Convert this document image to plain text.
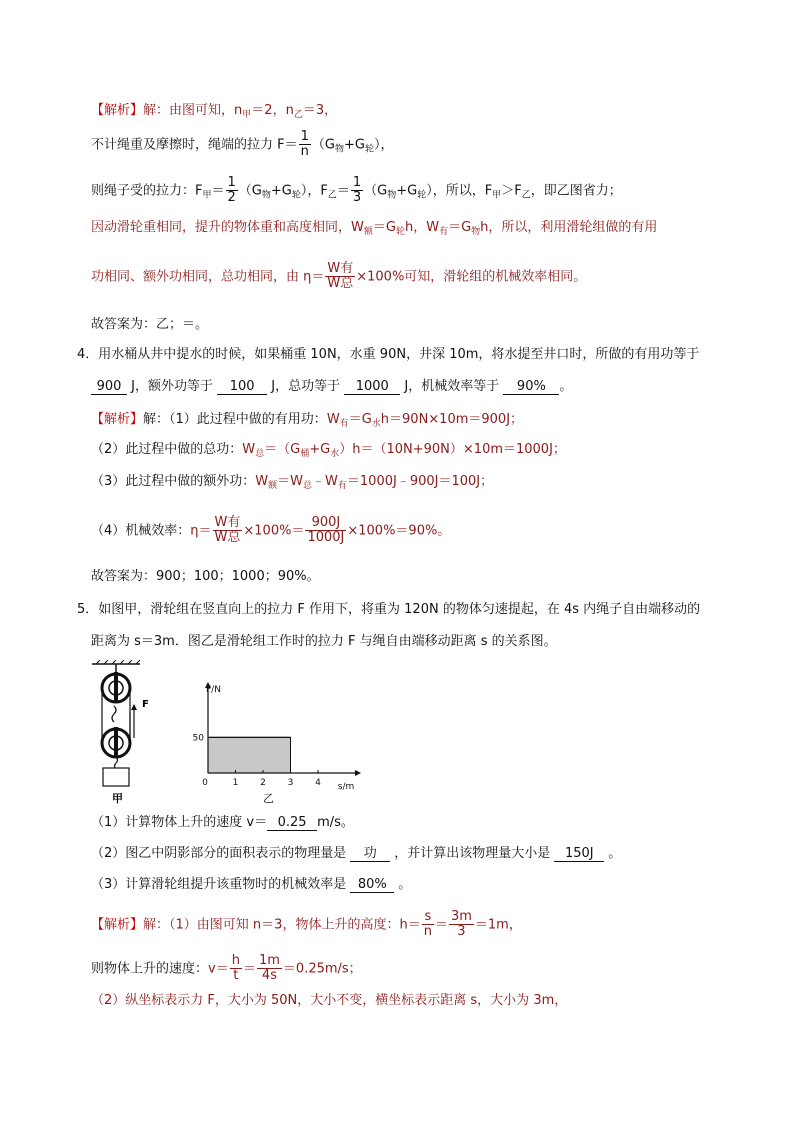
【解析】解：由图可知，$n_甲=2$，$n_乙=3$，
不计绳重及摩擦时，绳端的拉力 $F= \frac{1}{n} (G_物+G_轮)$，
则绳子受的拉力：$F_甲= \frac{1}{2} (G_物+G_轮)$，$F_乙= \frac{1}{3} (G_物+G_轮)$，所以，$F_甲>F_乙$，即乙图省力；
因动滑轮重相同，提升的物体重和高度相同，$W_额=G_轮h$，$W_有=G_物h$，所以，利用滑轮组做的有用
功相同、额外功相同，总功相同，由 $\eta= \frac{\text{W有}}{\text{W总}} \times 100\%$可知，滑轮组的机械效率相同。
故答案为：乙；＝。
4．用水桶从井中提水的时候，如果桶重 10N，水重 90N，井深 10m，将水提至井口时，所做的有用功等于
900 J，额外功等于 100 J，总功等于 1000 J，机械效率等于 90% 。
【解析】解：（1）此过程中做的有用功：$W_有=G_水h=90N\times 10m=900J$；
（2）此过程中做的总功：$W_总=(G_桶+G_水)h=(10N+90N)\times 10m=1000J$；
（3）此过程中做的额外功：$W_额=W_总﹣W_有=1000J﹣900J=100J$；
（4）机械效率：$\eta= \frac{\text{W有}}{\text{W总}} \times 100\%= \frac{900J}{1000J} \times 100\%=90\%$。
故答案为：900；100；1000；90%。
5．如图甲，滑轮组在竖直向上的拉力 F 作用下，将重为 120N 的物体匀速提起，在 4s 内绳子自由端移动的
距离为 s＝3m．图乙是滑轮组工作时的拉力 F 与绳自由端移动距离 s 的关系图。
F
甲
F/N
s/m
0	1 2 3 4
50
乙
（1）计算物体上升的速度 v＝ 0.25 m/s。
（2）图乙中阴影部分的面积表示的物理量是 功 ，并计算出该物理量大小是 150J 。
（3）计算滑轮组提升该重物时的机械效率是 80% 。
【解析】解：（1）由图可知 n＝3，物体上升的高度：$h= \frac{s}{n} = \frac{3m}{3} =1m$，
则物体上升的速度：$v= \frac{h}{t} = \frac{1m}{4s} =0.25m/s$；
（2）纵坐标表示力 F，大小为 50N，大小不变，横坐标表示距离 s，大小为 3m，
